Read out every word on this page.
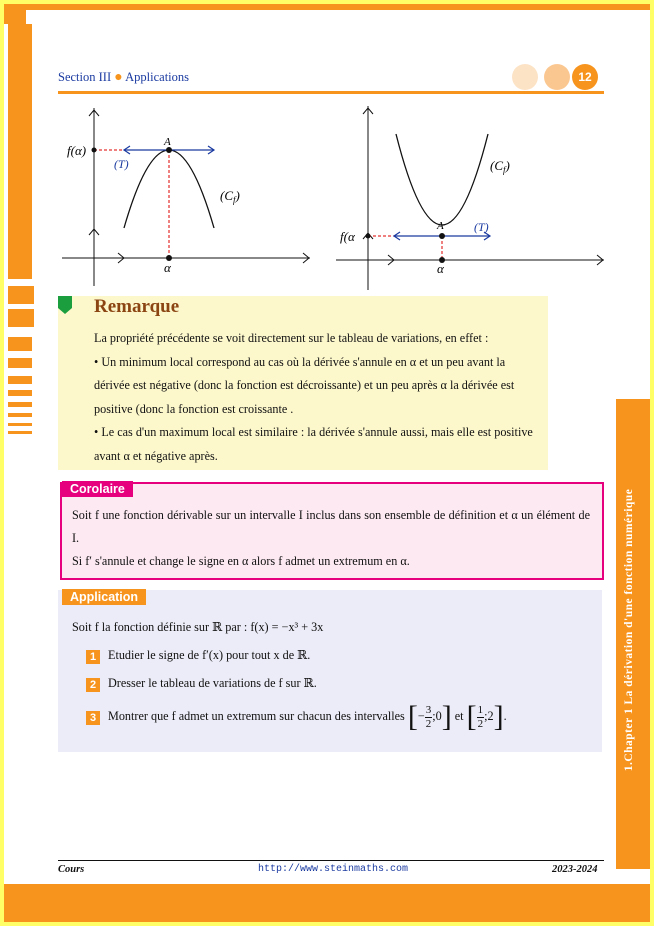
1.Chapter 1 La dérivation d'une fonction numérique
Section III ● Applications	12
f(α)
A
(T)
$(C_f)$
α
f(α
A	(T)
$(C_f)$
α
Remarque
La propriété précédente se voit directement sur le tableau de variations, en effet :
• Un minimum local correspond au cas où la dérivée s'annule en α et un peu avant la dérivée est négative (donc la fonction est décroissante) et un peu après α la dérivée est positive (donc la fonction est croissante .
• Le cas d'un maximum local est similaire : la dérivée s'annule aussi, mais elle est positive avant α et négative après.
Corolaire
Soit f une fonction dérivable sur un intervalle I inclus dans son ensemble de définition et α un élément de I.
Si f′ s'annule et change le signe en α alors f admet un extremum en α.
Application
Soit f la fonction définie sur ℝ par : f(x) = −x³ + 3x
1 Etudier le signe de f′(x) pour tout x de ℝ.
2 Dresser le tableau de variations de f sur ℝ.
3 Montrer que f admet un extremum sur chacun des intervalles [− $\frac{3}{2}$ ;0] et [ $\frac{1}{2}$ ;2].
Cours	http://www.steinmaths.com	2023-2024
